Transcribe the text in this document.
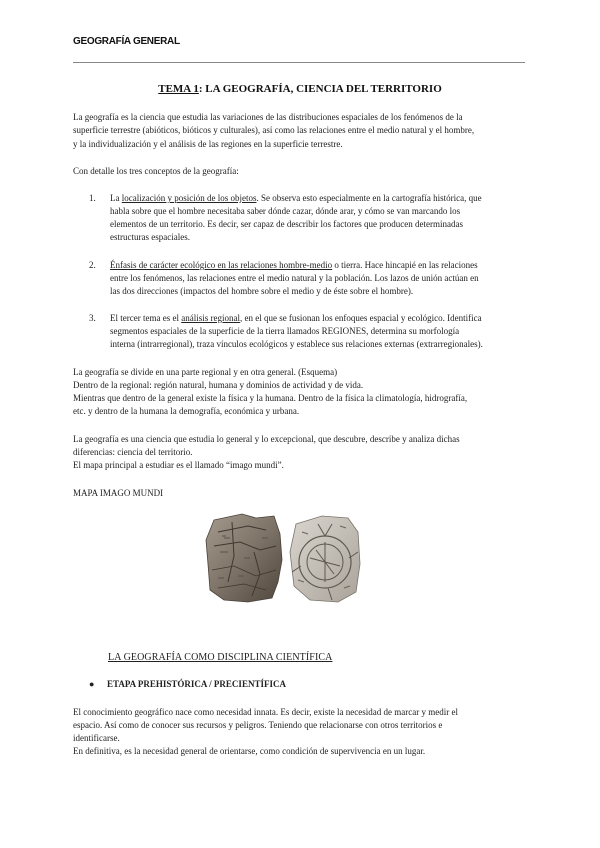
GEOGRAFÍA GENERAL
TEMA 1: LA GEOGRAFÍA, CIENCIA DEL TERRITORIO
La geografía es la ciencia que estudia las variaciones de las distribuciones espaciales de los fenómenos de la
superficie terrestre (abióticos, bióticos y culturales), así como las relaciones entre el medio natural y el hombre,
y la individualización y el análisis de las regiones en la superficie terrestre.
Con detalle los tres conceptos de la geografía:
1.	La localización y posición de los objetos. Se observa esto especialmente en la cartografía histórica, que
habla sobre que el hombre necesitaba saber dónde cazar, dónde arar, y cómo se van marcando los
elementos de un territorio. Es decir, ser capaz de describir los factores que producen determinadas
estructuras espaciales.
2.	Énfasis de carácter ecológico en las relaciones hombre-medio o tierra. Hace hincapié en las relaciones
entre los fenómenos, las relaciones entre el medio natural y la población. Los lazos de unión actúan en
las dos direcciones (impactos del hombre sobre el medio y de éste sobre el hombre).
3.	El tercer tema es el análisis regional, en el que se fusionan los enfoques espacial y ecológico. Identifica
segmentos espaciales de la superficie de la tierra llamados REGIONES, determina su morfología
interna (intrarregional), traza vínculos ecológicos y establece sus relaciones externas (extrarregionales).
La geografía se divide en una parte regional y en otra general. (Esquema)
Dentro de la regional: región natural, humana y dominios de actividad y de vida.
Mientras que dentro de la general existe la física y la humana. Dentro de la física la climatología, hidrografía,
etc. y dentro de la humana la demografía, económica y urbana.
La geografía es una ciencia que estudia lo general y lo excepcional, que descubre, describe y analiza dichas
diferencias: ciencia del territorio.
El mapa principal a estudiar es el llamado “imago mundi”.
MAPA IMAGO MUNDI
LA GEOGRAFÍA COMO DISCIPLINA CIENTÍFICA
● ETAPA PREHISTÓRICA / PRECIENTÍFICA
El conocimiento geográfico nace como necesidad innata. Es decir, existe la necesidad de marcar y medir el
espacio. Así como de conocer sus recursos y peligros. Teniendo que relacionarse con otros territorios e
identificarse.
En definitiva, es la necesidad general de orientarse, como condición de supervivencia en un lugar.
